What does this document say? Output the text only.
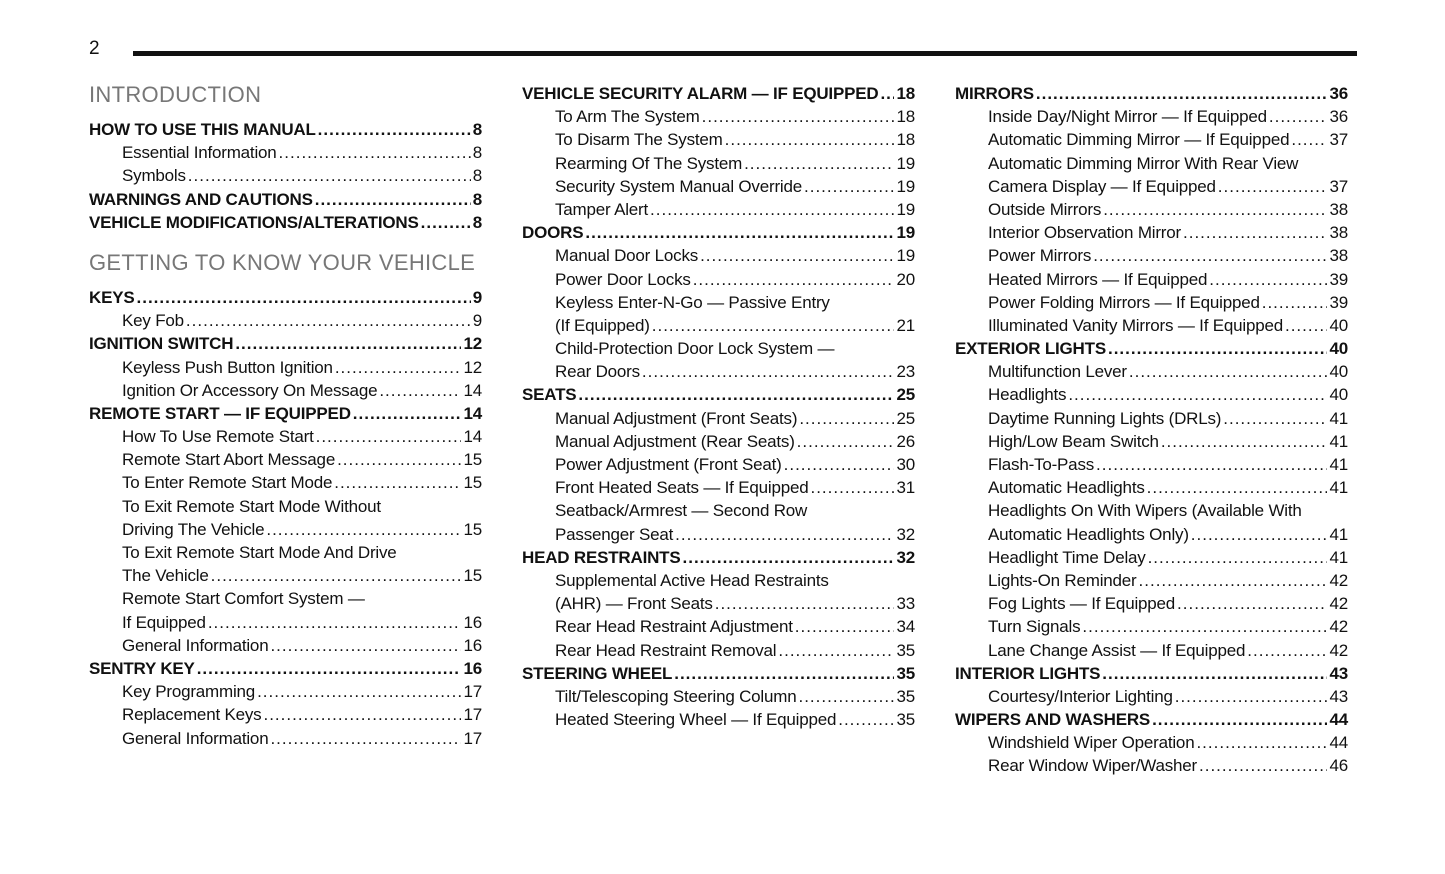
2
INTRODUCTION
HOW TO USE THIS MANUAL .....	8
Essential Information .....	8
Symbols .....	8
WARNINGS AND CAUTIONS .....	8
VEHICLE MODIFICATIONS/ALTERATIONS .....	8
GETTING TO KNOW YOUR VEHICLE
KEYS .....	9
Key Fob .....	9
IGNITION SWITCH .....	12
Keyless Push Button Ignition .....	12
Ignition Or Accessory On Message .....	14
REMOTE START — IF EQUIPPED .....	14
How To Use Remote Start .....	14
Remote Start Abort Message .....	15
To Enter Remote Start Mode .....	15
To Exit Remote Start Mode Without
Driving The Vehicle .....	15
To Exit Remote Start Mode And Drive
The Vehicle .....	15
Remote Start Comfort System —
If Equipped .....	16
General Information .....	16
SENTRY KEY .....	16
Key Programming .....	17
Replacement Keys .....	17
General Information .....	17
VEHICLE SECURITY ALARM — IF EQUIPPED ..... 18
To Arm The System .....	18
To Disarm The System .....	18
Rearming Of The System .....	19
Security System Manual Override .....	19
Tamper Alert .....	19
DOORS .....	19
Manual Door Locks .....	19
Power Door Locks .....	20
Keyless Enter-N-Go — Passive Entry
(If Equipped) .....	21
Child-Protection Door Lock System —
Rear Doors .....	23
SEATS .....	25
Manual Adjustment (Front Seats) .....	25
Manual Adjustment (Rear Seats) .....	26
Power Adjustment (Front Seat) .....	30
Front Heated Seats — If Equipped .....	31
Seatback/Armrest — Second Row
Passenger Seat .....	32
HEAD RESTRAINTS .....	32
Supplemental Active Head Restraints
(AHR) — Front Seats .....	33
Rear Head Restraint Adjustment .....	34
Rear Head Restraint Removal .....	35
STEERING WHEEL .....	35
Tilt/Telescoping Steering Column .....	35
Heated Steering Wheel — If Equipped .....	35
MIRRORS .....	36
Inside Day/Night Mirror — If Equipped .....	36
Automatic Dimming Mirror — If Equipped ..... 37
Automatic Dimming Mirror With Rear View
Camera Display — If Equipped .....	37
Outside Mirrors .....	38
Interior Observation Mirror .....	38
Power Mirrors .....	38
Heated Mirrors — If Equipped .....	39
Power Folding Mirrors — If Equipped .....	39
Illuminated Vanity Mirrors — If Equipped .....	40
EXTERIOR LIGHTS .....	40
Multifunction Lever .....	40
Headlights .....	40
Daytime Running Lights (DRLs) .....	41
High/Low Beam Switch .....	41
Flash-To-Pass .....	41
Automatic Headlights .....	41
Headlights On With Wipers (Available With
Automatic Headlights Only) .....	41
Headlight Time Delay .....	41
Lights-On Reminder .....	42
Fog Lights — If Equipped .....	42
Turn Signals .....	42
Lane Change Assist — If Equipped .....	42
INTERIOR LIGHTS .....	43
Courtesy/Interior Lighting .....	43
WIPERS AND WASHERS .....	44
Windshield Wiper Operation .....	44
Rear Window Wiper/Washer .....	46
